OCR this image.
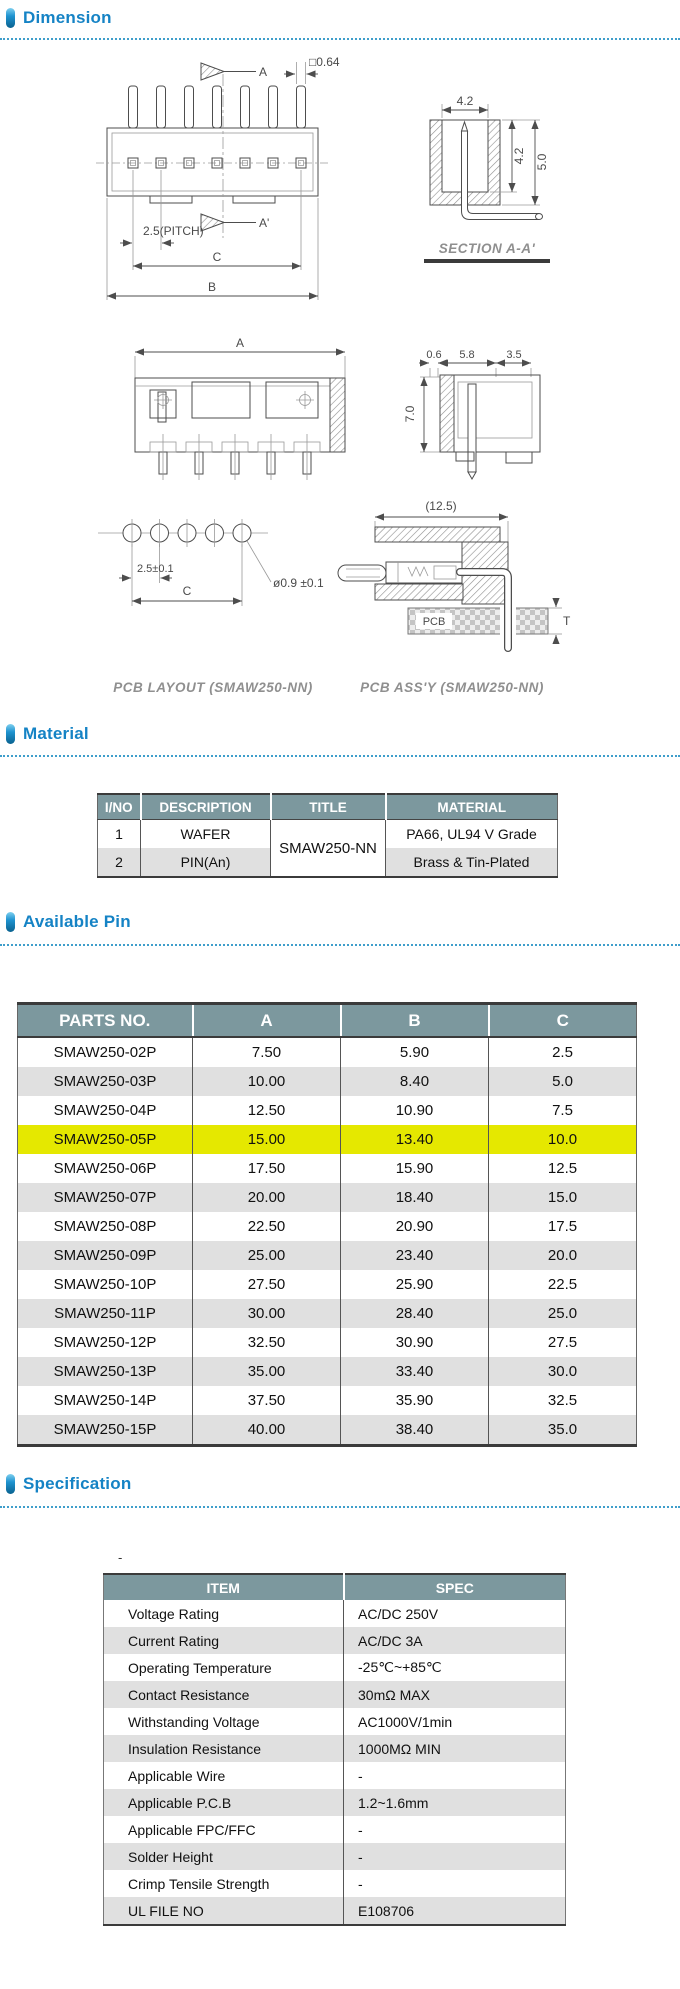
Dimension
A
A'
□0.64
2.5(PITCH)
C
B
4.2
4.2 5.0
SECTION A-A'
A
0.6 5.8	3.5
7.0
2.5±0.1
C
ø0.9 ±0.1
PCB LAYOUT (SMAW250-NN)
(12.5)
PCB	T
PCB ASS'Y (SMAW250-NN)
Material
I/NO	DESCRIPTION	TITLE	MATERIAL
1	WAFER	SMAW250-NN	PA66, UL94 V Grade
2	PIN(An)		Brass & Tin-Plated
Available Pin
PARTS NO.	A	B	C
SMAW250-02P	7.50	5.90	2.5
SMAW250-03P	10.00	8.40	5.0
SMAW250-04P	12.50	10.90	7.5
SMAW250-05P	15.00	13.40	10.0
SMAW250-06P	17.50	15.90	12.5
SMAW250-07P	20.00	18.40	15.0
SMAW250-08P	22.50	20.90	17.5
SMAW250-09P	25.00	23.40	20.0
SMAW250-10P	27.50	25.90	22.5
SMAW250-11P	30.00	28.40	25.0
SMAW250-12P	32.50	30.90	27.5
SMAW250-13P	35.00	33.40	30.0
SMAW250-14P	37.50	35.90	32.5
SMAW250-15P	40.00	38.40	35.0
Specification
-
ITEM	SPEC
Voltage Rating	AC/DC 250V
Current Rating	AC/DC 3A
Operating Temperature	-25℃~+85℃
Contact Resistance	30mΩ MAX
Withstanding Voltage	AC1000V/1min
Insulation Resistance	1000MΩ MIN
Applicable Wire	-
Applicable P.C.B	1.2~1.6mm
Applicable FPC/FFC	-
Solder Height	-
Crimp Tensile Strength	-
UL FILE NO	E108706
